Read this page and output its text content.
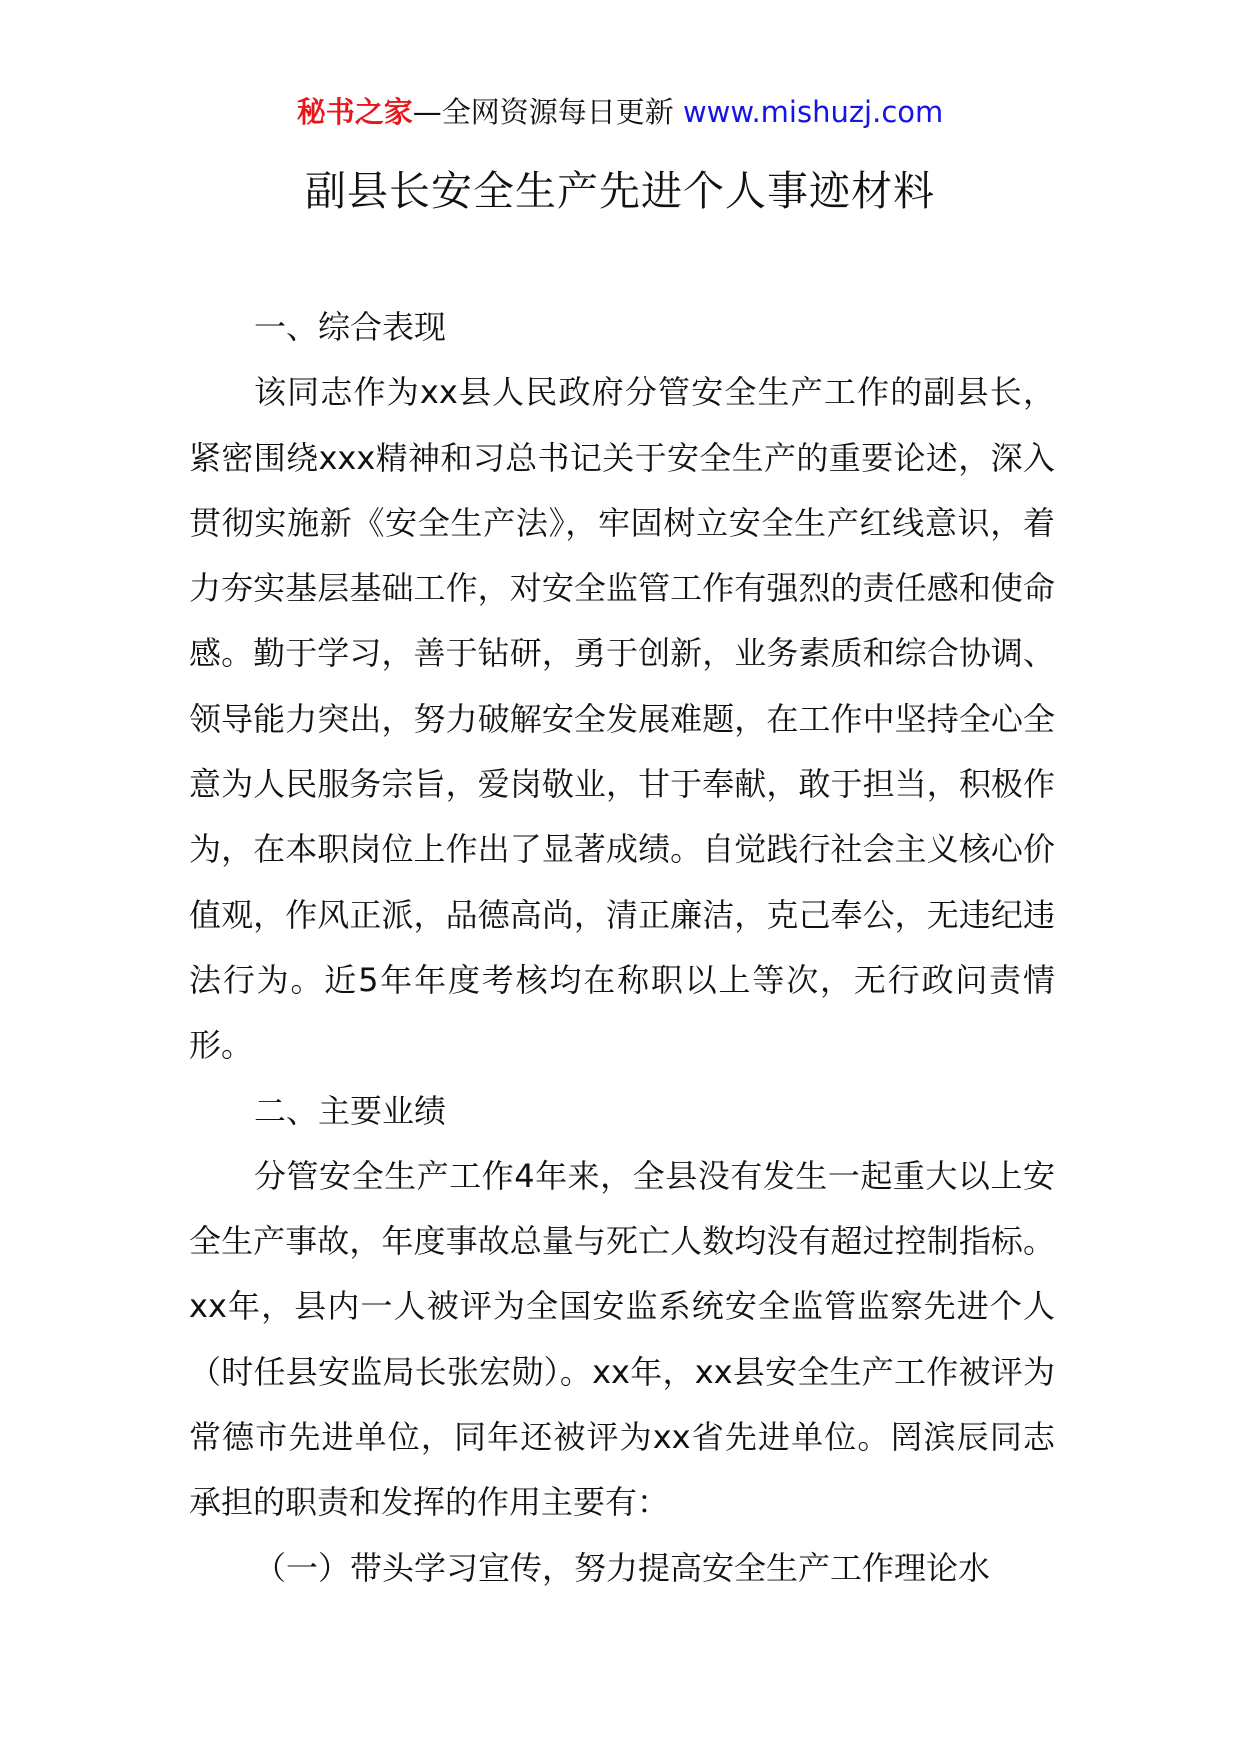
秘书之家—全网资源每日更新 www.mishuzj.com
副县长安全生产先进个人事迹材料

一、综合表现

该同志作为xx县人民政府分管安全生产工作的副县长，紧密围绕xxx精神和习总书记关于安全生产的重要论述，深入贯彻实施新《安全生产法》，牢固树立安全生产红线意识，着力夯实基层基础工作，对安全监管工作有强烈的责任感和使命感。勤于学习，善于钻研，勇于创新，业务素质和综合协调、领导能力突出，努力破解安全发展难题，在工作中坚持全心全意为人民服务宗旨，爱岗敬业，甘于奉献，敢于担当，积极作为，在本职岗位上作出了显著成绩。自觉践行社会主义核心价值观，作风正派，品德高尚，清正廉洁，克己奉公，无违纪违法行为。近5年年度考核均在称职以上等次，无行政问责情形。

二、主要业绩

分管安全生产工作4年来，全县没有发生一起重大以上安全生产事故，年度事故总量与死亡人数均没有超过控制指标。xx年，县内一人被评为全国安监系统安全监管监察先进个人（时任县安监局长张宏勋）。xx年，xx县安全生产工作被评为常德市先进单位，同年还被评为xx省先进单位。罔滨辰同志承担的职责和发挥的作用主要有：

（一）带头学习宣传，努力提高安全生产工作理论水
